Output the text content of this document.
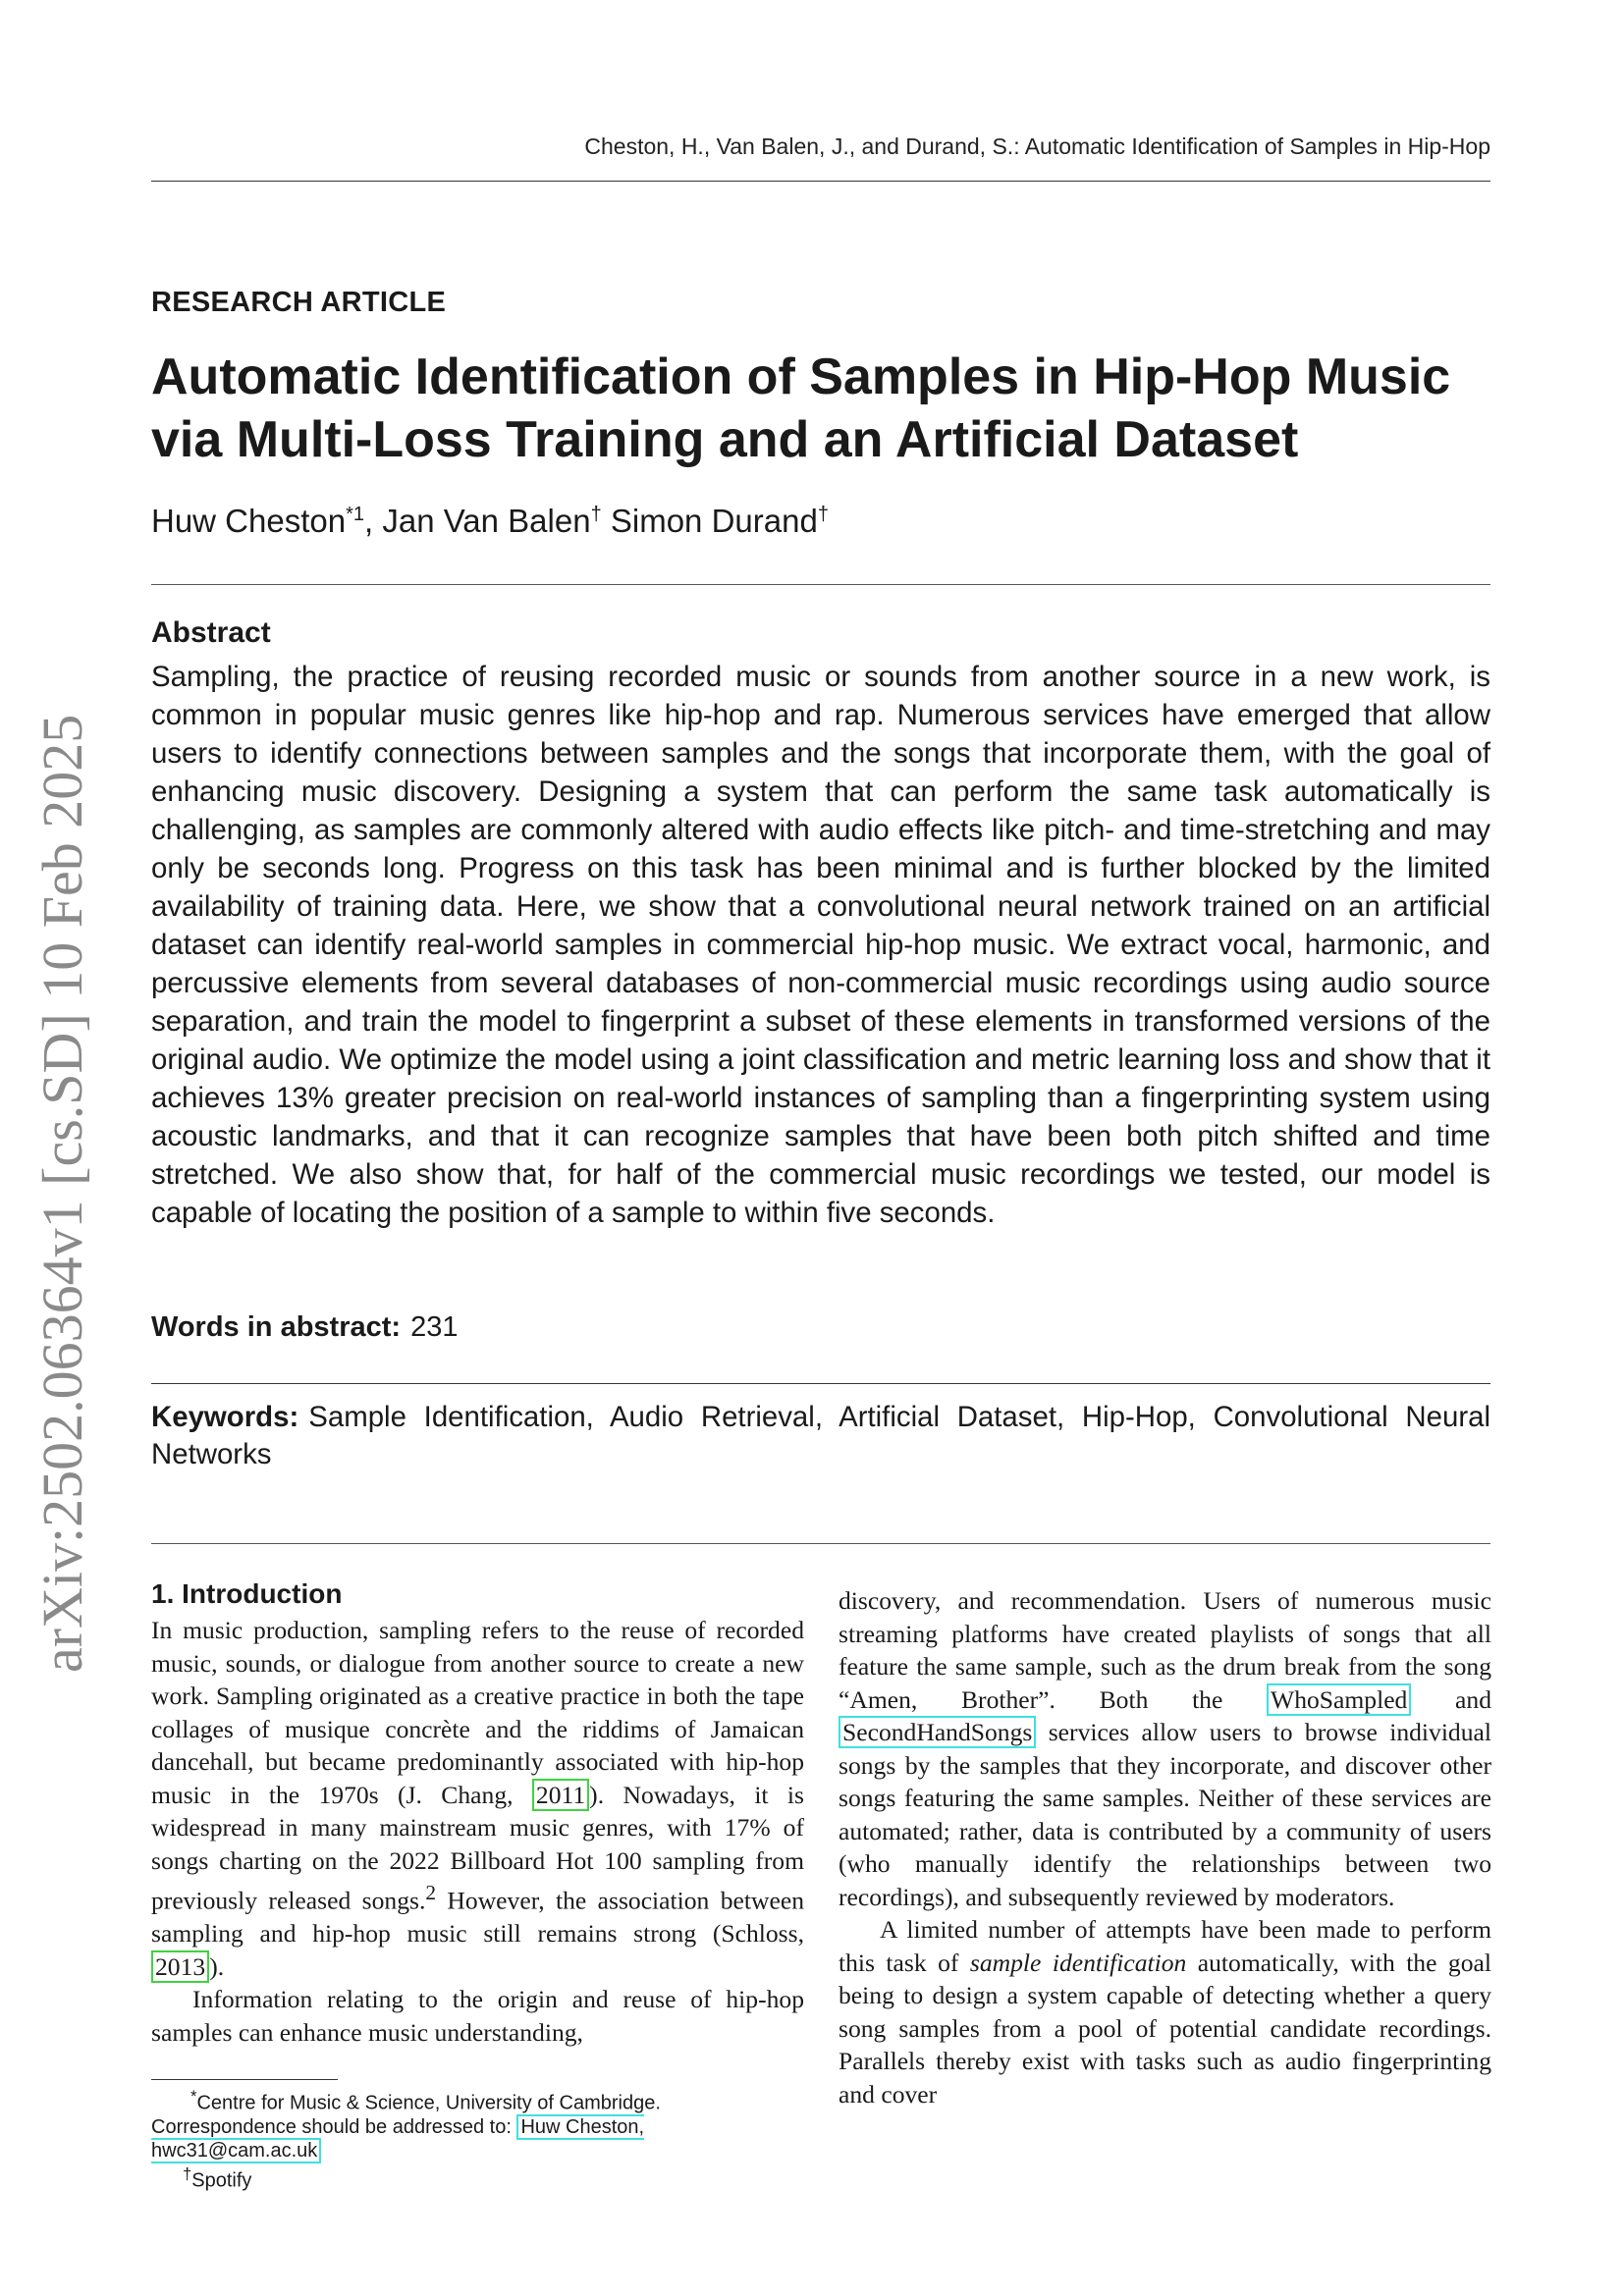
arXiv:2502.06364v1 [cs.SD] 10 Feb 2025
Cheston, H., Van Balen, J., and Durand, S.: Automatic Identification of Samples in Hip-Hop
RESEARCH ARTICLE
Automatic Identification of Samples in Hip-Hop Music
via Multi-Loss Training and an Artificial Dataset
Huw Cheston$^{*1}$, Jan Van Balen† Simon Durand†
Abstract

Sampling, the practice of reusing recorded music or sounds from another source in a new work, is common in popular music genres like hip-hop and rap. Numerous services have emerged that allow users to identify connections between samples and the songs that incorporate them, with the goal of enhancing music discovery. Designing a system that can perform the same task automatically is challenging, as samples are commonly altered with audio effects like pitch- and time-stretching and may only be seconds long. Progress on this task has been minimal and is further blocked by the limited availability of training data. Here, we show that a convolutional neural network trained on an artificial dataset can identify real-world samples in commercial hip-hop music. We extract vocal, harmonic, and percussive elements from several databases of non-commercial music recordings using audio source separation, and train the model to fingerprint a subset of these elements in transformed versions of the original audio. We optimize the model using a joint classification and metric learning loss and show that it achieves 13% greater precision on real-world instances of sampling than a fingerprinting system using acoustic landmarks, and that it can recognize samples that have been both pitch shifted and time stretched. We also show that, for half of the commercial music recordings we tested, our model is capable of locating the position of a sample to within five seconds.

Words in abstract: 231
Keywords: Sample Identification, Audio Retrieval, Artificial Dataset, Hip-Hop, Convolutional Neural Networks
1. Introduction

In music production, sampling refers to the reuse of recorded music, sounds, or dialogue from another source to create a new work. Sampling originated as a creative practice in both the tape collages of musique concrète and the riddims of Jamaican dancehall, but became predominantly associated with hip-hop music in the 1970s (J. Chang, 2011 ). Nowadays, it is widespread in many mainstream music genres, with 17% of songs charting on the 2022 Billboard Hot 100 sampling from previously released songs.$^2$ However, the association between sampling and hip-hop music still remains strong (Schloss, 2013 ).

Information relating to the origin and reuse of hip-hop samples can enhance music understanding,

discovery, and recommendation. Users of numerous music streaming platforms have created playlists of songs that all feature the same sample, such as the drum break from the song “Amen, Brother”. Both the WhoSampled and SecondHandSongs services allow users to browse individual songs by the samples that they incorporate, and discover other songs featuring the same samples. Neither of these services are automated; rather, data is contributed by a community of users (who manually identify the relationships between two recordings), and subsequently reviewed by moderators.

A limited number of attempts have been made to perform this task of sample identification automatically, with the goal being to design a system capable of detecting whether a query song samples from a pool of potential candidate recordings. Parallels thereby exist with tasks such as audio fingerprinting and cover

*Centre for Music & Science, University of Cambridge. Correspondence should be addressed to: Huw Cheston, hwc31@cam.ac.uk

†Spotify
